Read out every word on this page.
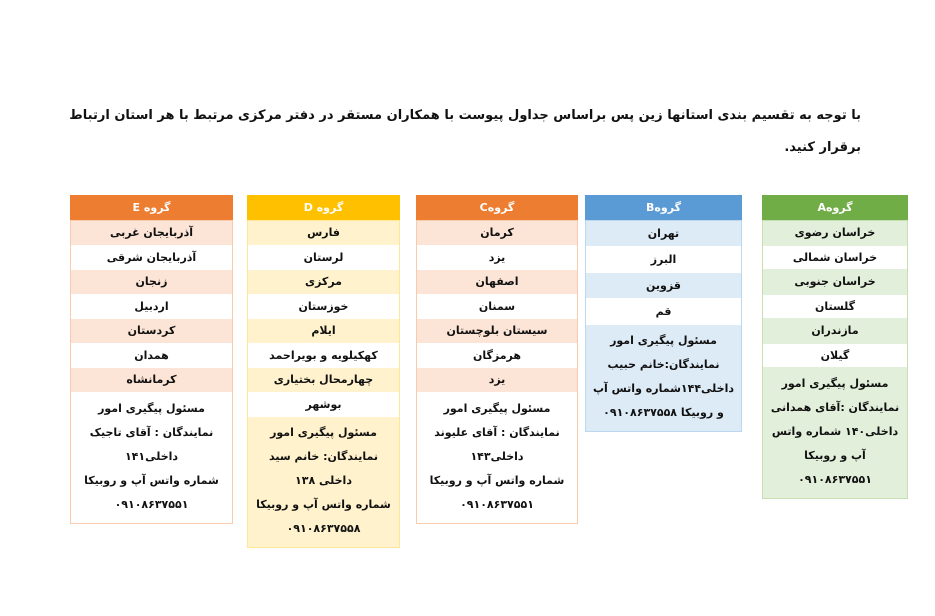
با توجه به تقسیم بندی استانها زین پس براساس جداول پیوست با همکاران مستقر در دفتر مرکزی مرتبط با هر استان ارتباط
برقرار کنید.

گروهA
خراسان رضوی
خراسان شمالی
خراسان جنوبی
گلستان
مازندران
گیلان
مسئول پیگیری امور
نمایندگان :آقای همدانی
داخلی۱۴۰ شماره واتس
آپ و روبیکا
۰۹۱۰۸۶۳۷۵۵۱
گروهB
تهران
البرز
قزوین
قم
مسئول پیگیری امور
نمایندگان:خانم حبیب
داخلی۱۴۴شماره واتس آپ
و روبیکا ۰۹۱۰۸۶۳۷۵۵۸
گروهC
کرمان
یزد
اصفهان
سمنان
سیستان بلوچستان
هرمزگان
یزد
مسئول پیگیری امور
نمایندگان : آقای علیوند
داخلی۱۴۳
شماره واتس آپ و روبیکا
۰۹۱۰۸۶۳۷۵۵۱
گروه D
فارس
لرستان
مرکزی
خوزستان
ایلام
کهکیلویه و بویراحمد
چهارمحال بختیاری
بوشهر
مسئول پیگیری امور
نمایندگان: خانم سید
داخلی ۱۳۸
شماره واتس آپ و روبیکا
۰۹۱۰۸۶۳۷۵۵۸
گروه E
آذربایجان غربی
آذربایجان شرقی
زنجان
اردبیل
کردستان
همدان
کرمانشاه
مسئول پیگیری امور
نمایندگان : آقای تاجیک
داخلی۱۴۱
شماره واتس آپ و روبیکا
۰۹۱۰۸۶۳۷۵۵۱
